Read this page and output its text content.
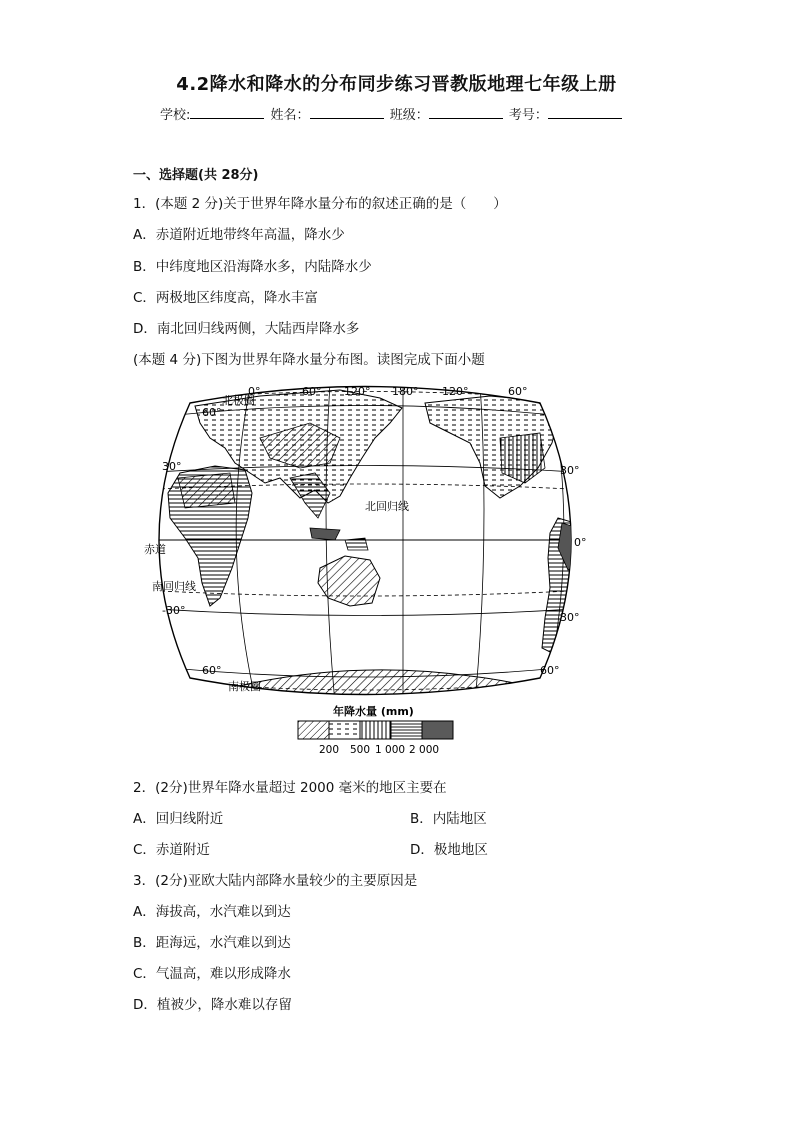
4.2降水和降水的分布同步练习晋教版地理七年级上册
学校:	姓名：	班级：	考号：
一、选择题(共 28分)
1．(本题 2 分)关于世界年降水量分布的叙述正确的是（　　）
A．赤道附近地带终年高温，降水少
B．中纬度地区沿海降水多，内陆降水少
C．两极地区纬度高，降水丰富
D．南北回归线两侧，大陆西岸降水多
(本题 4 分)下图为世界年降水量分布图。读图完成下面小题
0°	60° 120° 180° 120°	60°
60°
30°
赤道
-30°
60°
30°
0°
30°
60°
北极圈
北回归线
南回归线
南极圈
年降水量 (mm)
200 500 1 000 2 000
2．(2分)世界年降水量超过 2000 毫米的地区主要在
A．回归线附近	B．内陆地区
C．赤道附近	D．极地地区
3．(2分)亚欧大陆内部降水量较少的主要原因是
A．海拔高，水汽难以到达
B．距海远，水汽难以到达
C．气温高，难以形成降水
D．植被少，降水难以存留
